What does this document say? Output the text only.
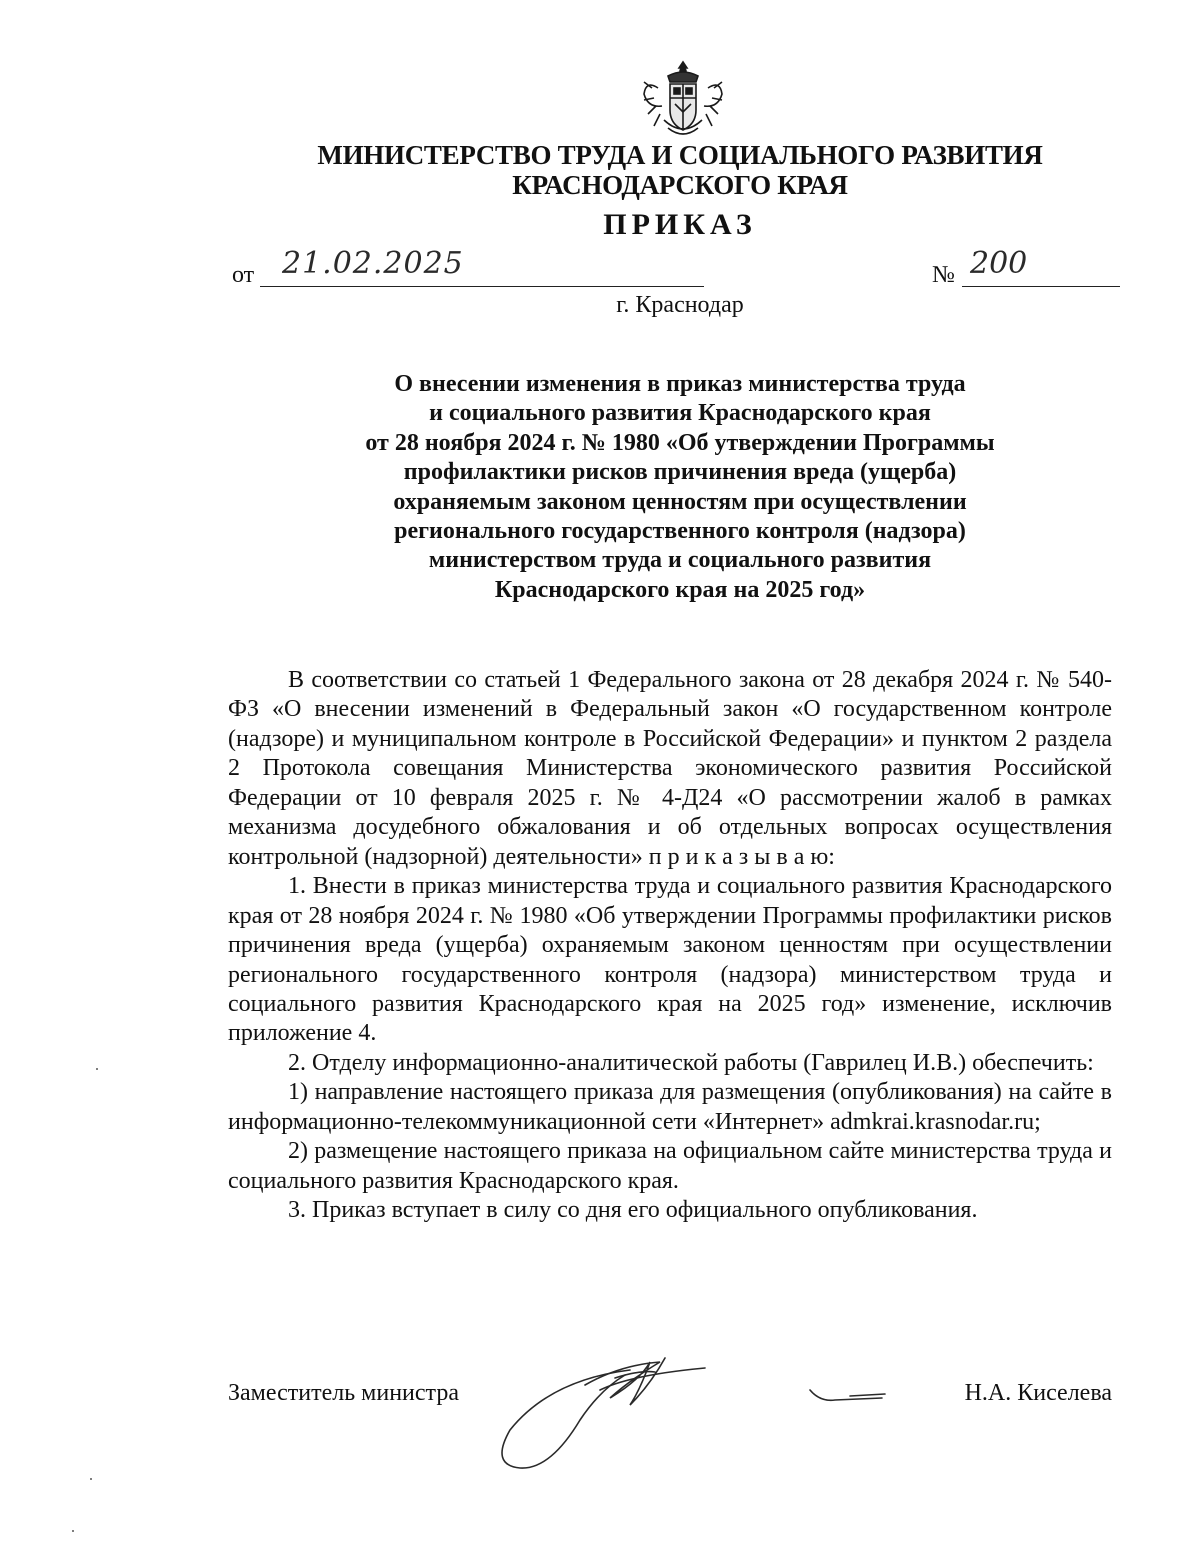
МИНИСТЕРСТВО ТРУДА И СОЦИАЛЬНОГО РАЗВИТИЯ
КРАСНОДАРСКОГО КРАЯ
ПРИКАЗ
от 21.02.2025	№ 200
г. Краснодар
О внесении изменения в приказ министерства труда
и социального развития Краснодарского края
от 28 ноября 2024 г. № 1980 «Об утверждении Программы
профилактики рисков причинения вреда (ущерба)
охраняемым законом ценностям при осуществлении
регионального государственного контроля (надзора)
министерством труда и социального развития
Краснодарского края на 2025 год»

В соответствии со статьей 1 Федерального закона от 28 декабря 2024 г. № 540-ФЗ «О внесении изменений в Федеральный закон «О государственном контроле (надзоре) и муниципальном контроле в Российской Федерации» и пунктом 2 раздела 2 Протокола совещания Министерства экономического развития Российской Федерации от 10 февраля 2025 г. № 4-Д24 «О рассмотрении жалоб в рамках механизма досудебного обжалования и об отдельных вопросах осуществления контрольной (надзорной) деятельности» п р и к а з ы в а ю:

1. Внести в приказ министерства труда и социального развития Краснодарского края от 28 ноября 2024 г. № 1980 «Об утверждении Программы профилактики рисков причинения вреда (ущерба) охраняемым законом ценностям при осуществлении регионального государственного контроля (надзора) министерством труда и социального развития Краснодарского края на 2025 год» изменение, исключив приложение 4.

2. Отделу информационно-аналитической работы (Гаврилец И.В.) обеспечить:

1) направление настоящего приказа для размещения (опубликования) на сайте в информационно-телекоммуникационной сети «Интернет» admkrai.krasnodar.ru;

2) размещение настоящего приказа на официальном сайте министерства труда и социального развития Краснодарского края.

3. Приказ вступает в силу со дня его официального опубликования.

Заместитель министра	Н.А. Киселева
